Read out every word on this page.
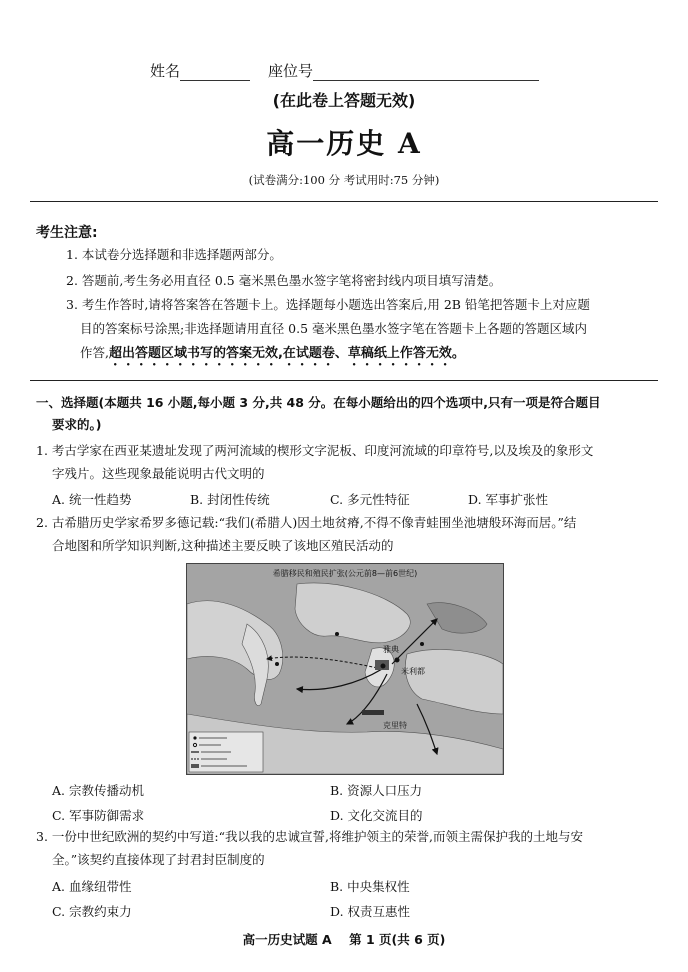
姓名	座位号
(在此卷上答题无效)
高一历史 A
(试卷满分:100 分 考试用时:75 分钟)
考生注意:
1. 本试卷分选择题和非选择题两部分。
2. 答题前,考生务必用直径 0.5 毫米黑色墨水签字笔将密封线内项目填写清楚。
3. 考生作答时,请将答案答在答题卡上。选择题每小题选出答案后,用 2B 铅笔把答题卡上对应题
目的答案标号涂黑;非选择题请用直径 0.5 毫米黑色墨水签字笔在答题卡上各题的答题区域内
作答,超出答题区域书写的答案无效,在试题卷、草稿纸上作答无效。
一、选择题(本题共 16 小题,每小题 3 分,共 48 分。在每小题给出的四个选项中,只有一项是符合题目
要求的。)
1. 考古学家在西亚某遗址发现了两河流域的楔形文字泥板、印度河流域的印章符号,以及埃及的象形文
字残片。这些现象最能说明古代文明的
A. 统一性趋势	B. 封闭性传统	C. 多元性特征	D. 军事扩张性
2. 古希腊历史学家希罗多德记载:“我们(希腊人)因土地贫瘠,不得不像青蛙围坐池塘般环海而居。”结
合地图和所学知识判断,这种描述主要反映了该地区殖民活动的
希腊移民和殖民扩张(公元前8—前6世纪)
雅典
米利都
克里特
A. 宗教传播动机	B. 资源人口压力
C. 军事防御需求	D. 文化交流目的
3. 一份中世纪欧洲的契约中写道:“我以我的忠诚宣誓,将维护领主的荣誉,而领主需保护我的土地与安
全。”该契约直接体现了封君封臣制度的
A. 血缘纽带性	B. 中央集权性
C. 宗教约束力	D. 权责互惠性
高一历史试题 A 第 1 页(共 6 页)
